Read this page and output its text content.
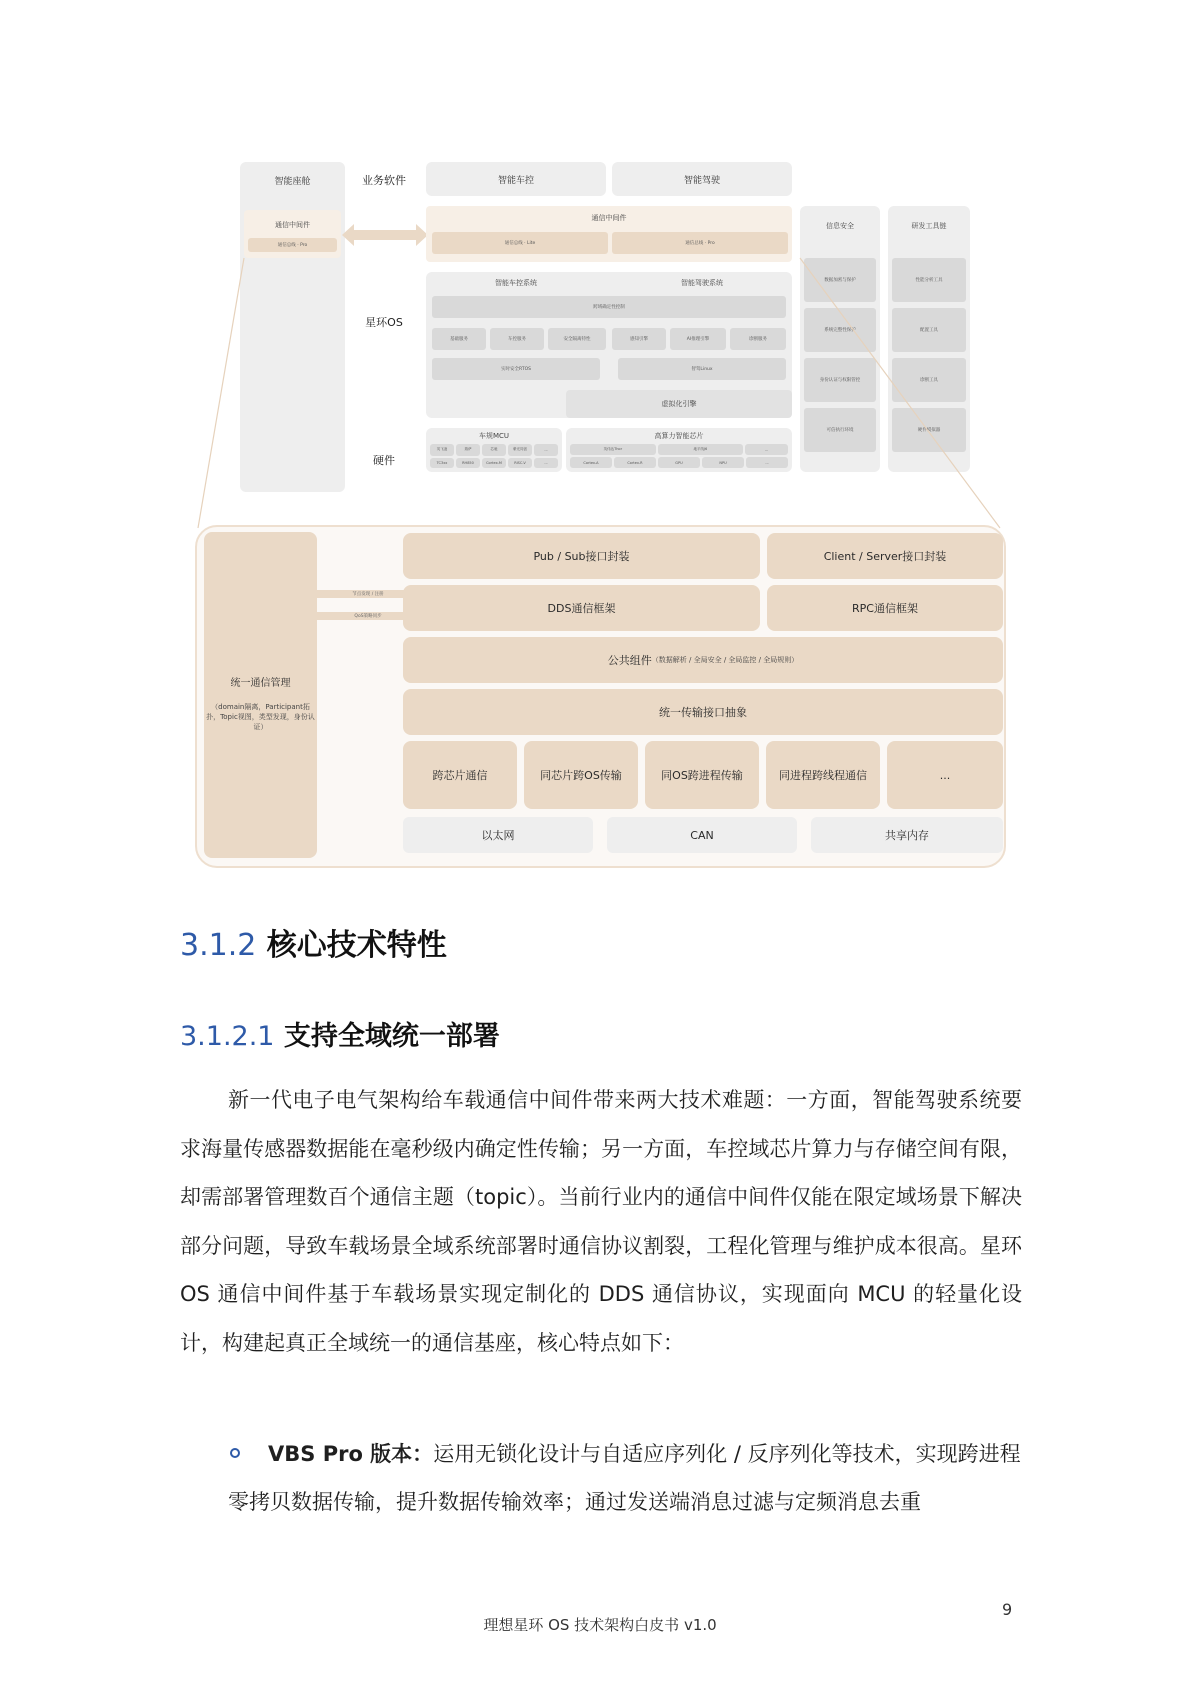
智能座舱
通信中间件
通信总线 · Pro
业务软件
星环OS
硬件
智能车控	智能驾驶
通信中间件
通信总线 · Lite	通信总线 · Pro
智能车控系统	智能驾驶系统
跨域确定性控制
基础服务	车控服务	安全隔离特性	感知引擎	AI推理引擎	诊断服务
实时安全RTOS	智驾Linux
虚拟化引擎
车规MCU
英飞凌	瑞萨	芯驰	紫光同创	...
TC3xx	RH850	Cortex-M	RISC-V	...
高算力智能芯片
英伟达Thor	地平线J6	...
Cortex-A	Cortex-R	GPU	NPU	...
信息安全
数据加密与保护
系统完整性保护
身份认证与权限管控
可信执行环境
研发工具链
性能分析工具
配置工具
诊断工具
硬件模拟器
统一通信管理
（domain隔离，Participant拓扑，Topic视图，类型发现，身份认证）
节点发现 / 注册
QoS策略同步
Pub / Sub接口封装	Client / Server接口封装
DDS通信框架	RPC通信框架
公共组件 （数据解析 / 全局安全 / 全局监控 / 全局规则）
统一传输接口抽象
跨芯片通信	同芯片跨OS传输	同OS跨进程传输	同进程跨线程通信	...
以太网	CAN	共享内存
3.1.2 核心技术特性
3.1.2.1 支持全域统一部署
新一代电子电气架构给车载通信中间件带来两大技术难题：一方面，智能驾驶系统要求海量传感器数据能在毫秒级内确定性传输；另一方面，车控域芯片算力与存储空间有限，却需部署管理数百个通信主题（topic）。当前行业内的通信中间件仅能在限定域场景下解决部分问题，导致车载场景全域系统部署时通信协议割裂，工程化管理与维护成本很高。星环 OS 通信中间件基于车载场景实现定制化的 DDS 通信协议，实现面向 MCU 的轻量化设计，构建起真正全域统一的通信基座，核心特点如下：
VBS Pro 版本：运用无锁化设计与自适应序列化 / 反序列化等技术，实现跨进程零拷贝数据传输，提升数据传输效率；通过发送端消息过滤与定频消息去重
理想星环 OS 技术架构白皮书 v1.0
9
